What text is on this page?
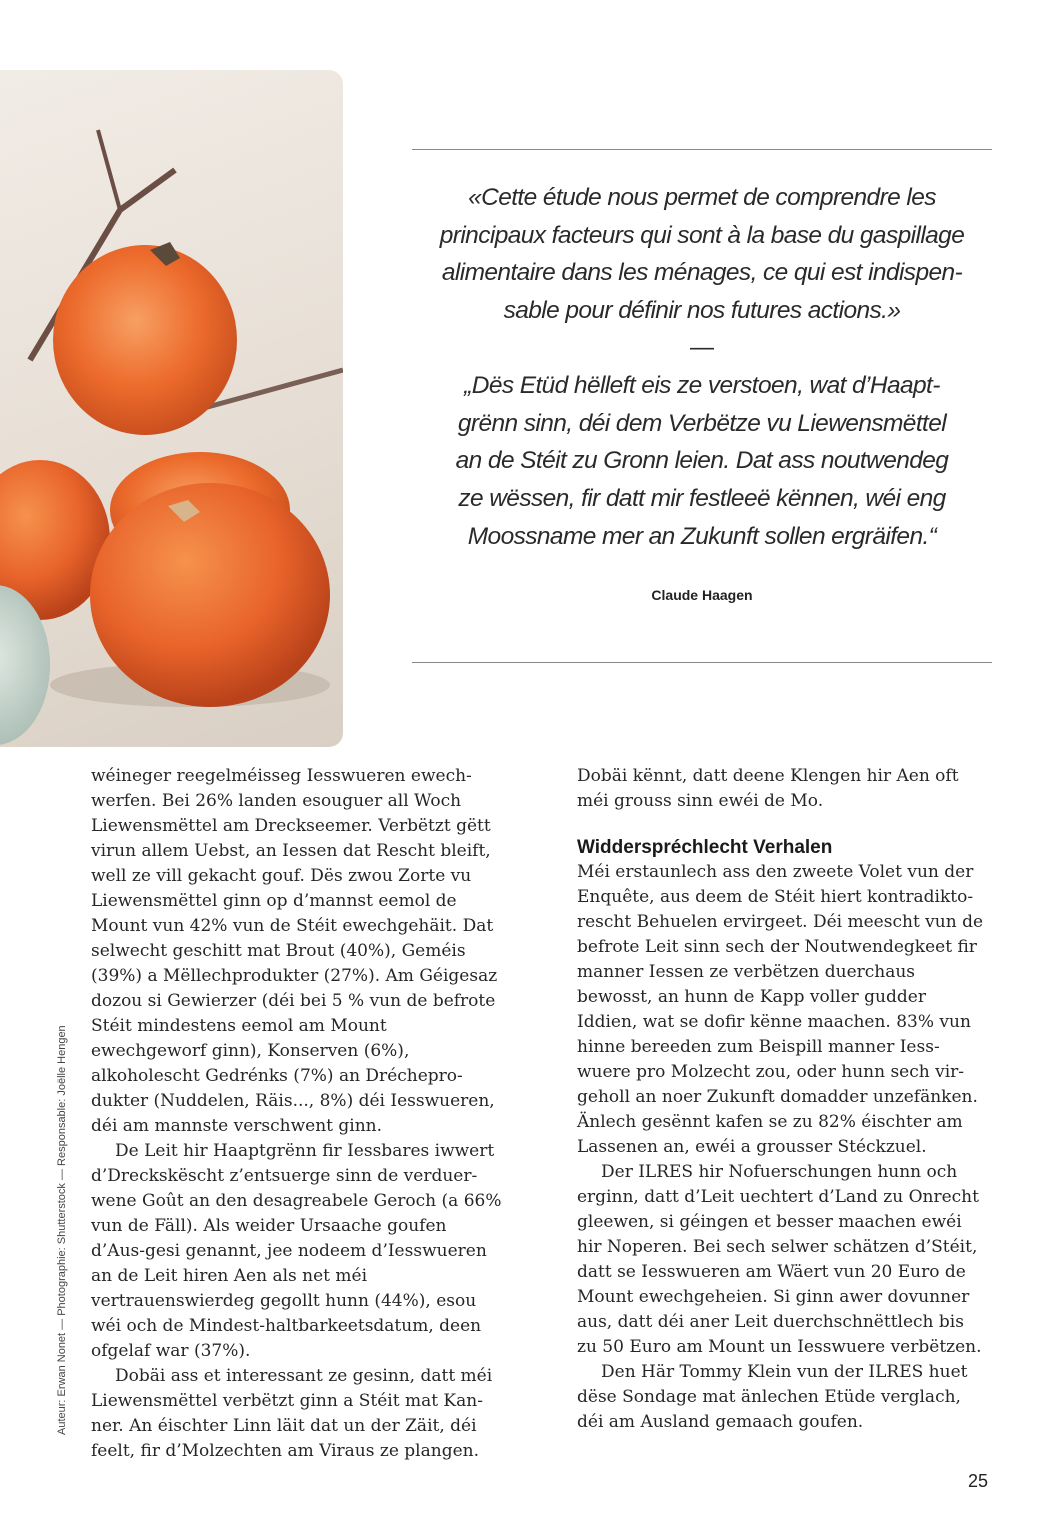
«Cette étude nous permet de comprendre les
principaux facteurs qui sont à la base du gaspillage
alimentaire dans les ménages, ce qui est indispen-
sable pour définir nos futures actions.»
—
„Dës Etüd hëlleft eis ze verstoen, wat d’Haapt-
grënn sinn, déi dem Verbëtze vu Liewensmëttel
an de Stéit zu Gronn leien. Dat ass noutwendeg
ze wëssen, fir datt mir festleeë kënnen, wéi eng
Moossname mer an Zukunft sollen ergräifen.“
Claude Haagen
Auteur: Erwan Nonet — Photographie: Shutterstock — Responsable: Joëlle Hengen

wéineger reegelméisseg Iesswueren ewech-werfen. Bei 26% landen esouguer all Woch Liewensmëttel am Dreckseemer. Verbëtzt gëtt virun allem Uebst, an Iessen dat Rescht bleift, well ze vill gekacht gouf. Dës zwou Zorte vu Liewensmëttel ginn op d’mannst eemol de Mount vun 42% vun de Stéit ewechgehäit. Dat selwecht geschitt mat Brout (40%), Geméis (39%) a Mëllechprodukter (27%). Am Géigesaz dozou si Gewierzer (déi bei 5 % vun de befrote Stéit mindestens eemol am Mount ewechgeworf ginn), Konserven (6%), alkoholescht Gedrénks (7%) an Dréchepro-dukter (Nuddelen, Räis..., 8%) déi Iesswueren, déi am mannste verschwent ginn.

De Leit hir Haaptgrënn fir Iessbares iwwert d’Dreckskëscht z’entsuerge sinn de verduer-wene Goût an den desagreabele Geroch (a 66% vun de Fäll). Als weider Ursaache goufen d’Aus-gesi genannt, jee nodeem d’Iesswueren an de Leit hiren Aen als net méi vertrauenswierdeg gegollt hunn (44%), esou wéi och de Mindest-haltbarkeetsdatum, deen ofgelaf war (37%).

Dobäi ass et interessant ze gesinn, datt méi Liewensmëttel verbëtzt ginn a Stéit mat Kan-ner. An éischter Linn läit dat un der Zäit, déi feelt, fir d’Molzechten am Viraus ze plangen.

Dobäi kënnt, datt deene Klengen hir Aen oft méi grouss sinn ewéi de Mo.

Widderspréchlecht Verhalen

Méi erstaunlech ass den zweete Volet vun der Enquête, aus deem de Stéit hiert kontradikto-rescht Behuelen ervirgeet. Déi meescht vun de befrote Leit sinn sech der Noutwendegkeet fir manner Iessen ze verbëtzen duerchaus bewosst, an hunn de Kapp voller gudder Iddien, wat se dofir kënne maachen. 83% vun hinne bereeden zum Beispill manner Iess-wuere pro Molzecht zou, oder hunn sech vir-geholl an noer Zukunft domadder unzefänken. Änlech gesënnt kafen se zu 82% éischter am Lassenen an, ewéi a grousser Stéckzuel.

Der ILRES hir Nofuerschungen hunn och erginn, datt d’Leit uechtert d’Land zu Onrecht gleewen, si géingen et besser maachen ewéi hir Noperen. Bei sech selwer schätzen d’Stéit, datt se Iesswueren am Wäert vun 20 Euro de Mount ewechgeheien. Si ginn awer dovunner aus, datt déi aner Leit duerchschnëttlech bis zu 50 Euro am Mount un Iesswuere verbëtzen.

Den Här Tommy Klein vun der ILRES huet dëse Sondage mat änlechen Etüde verglach, déi am Ausland gemaach goufen.

25
